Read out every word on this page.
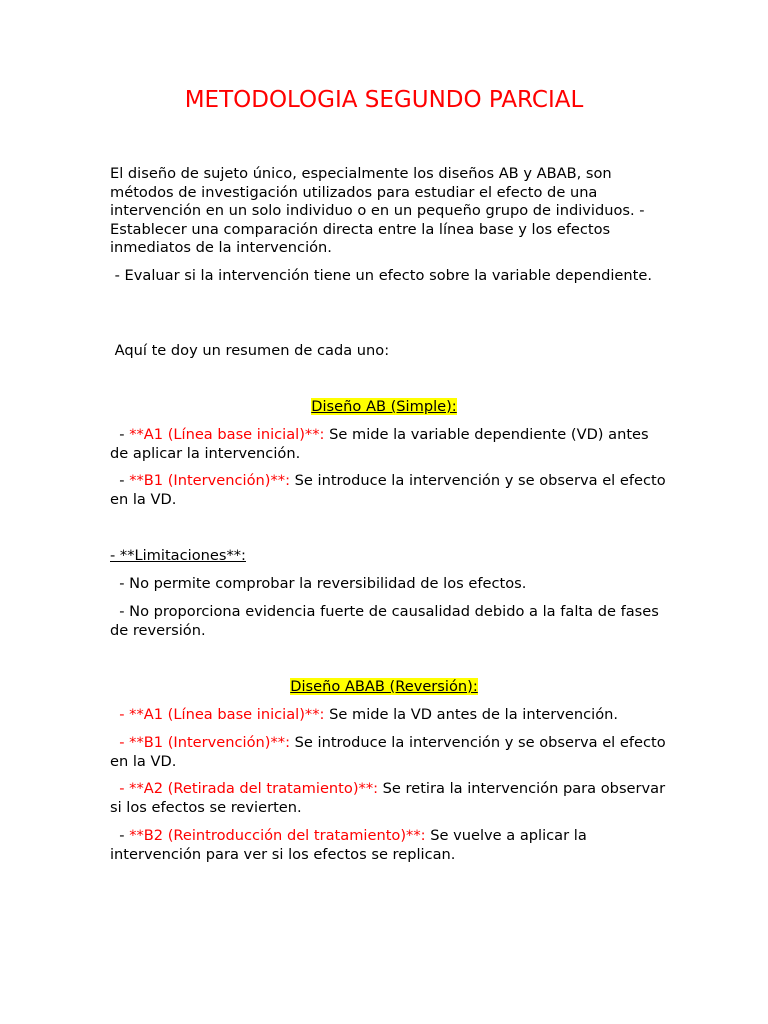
METODOLOGIA SEGUNDO PARCIAL
El diseño de sujeto único, especialmente los diseños AB y ABAB, son métodos de investigación utilizados para estudiar el efecto de una intervención en un solo individuo o en un pequeño grupo de individuos. - Establecer una comparación directa entre la línea base y los efectos inmediatos de la intervención.
- Evaluar si la intervención tiene un efecto sobre la variable dependiente.
Aquí te doy un resumen de cada uno:
Diseño AB (Simple):
- **A1 (Línea base inicial)**: Se mide la variable dependiente (VD) antes de aplicar la intervención.
- **B1 (Intervención)**: Se introduce la intervención y se observa el efecto en la VD.
- **Limitaciones**:
- No permite comprobar la reversibilidad de los efectos.
- No proporciona evidencia fuerte de causalidad debido a la falta de fases de reversión.
Diseño ABAB (Reversión):
- **A1 (Línea base inicial)**: Se mide la VD antes de la intervención.
- **B1 (Intervención)**: Se introduce la intervención y se observa el efecto en la VD.
- **A2 (Retirada del tratamiento)**: Se retira la intervención para observar si los efectos se revierten.
- **B2 (Reintroducción del tratamiento)**: Se vuelve a aplicar la intervención para ver si los efectos se replican.
